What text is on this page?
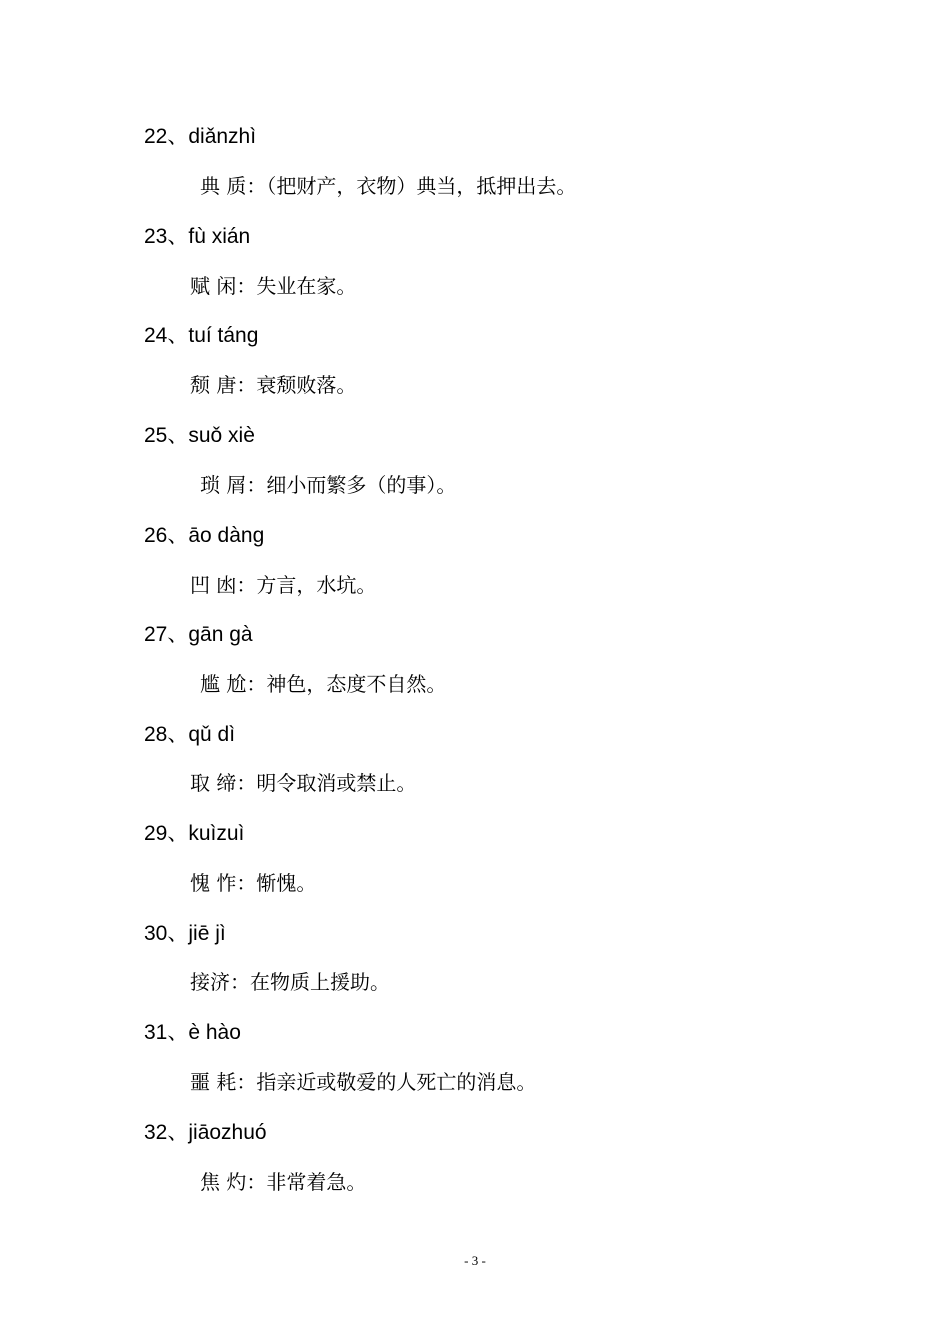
22、diǎnzhì
典 质：（把财产，衣物）典当，抵押出去。
23、fù xián
赋 闲：失业在家。
24、tuí táng
颓 唐：衰颓败落。
25、suǒ xiè
琐 屑：细小而繁多（的事）。
26、āo dàng
凹 凼：方言，水坑。
27、gān gà
尴 尬：神色，态度不自然。
28、qǔ dì
取 缔：明令取消或禁止。
29、kuìzuì
愧 怍：惭愧。
30、jiē jì
接济：在物质上援助。
31、è hào
噩 耗：指亲近或敬爱的人死亡的消息。
32、jiāozhuó
焦 灼：非常着急。
- 3 -
